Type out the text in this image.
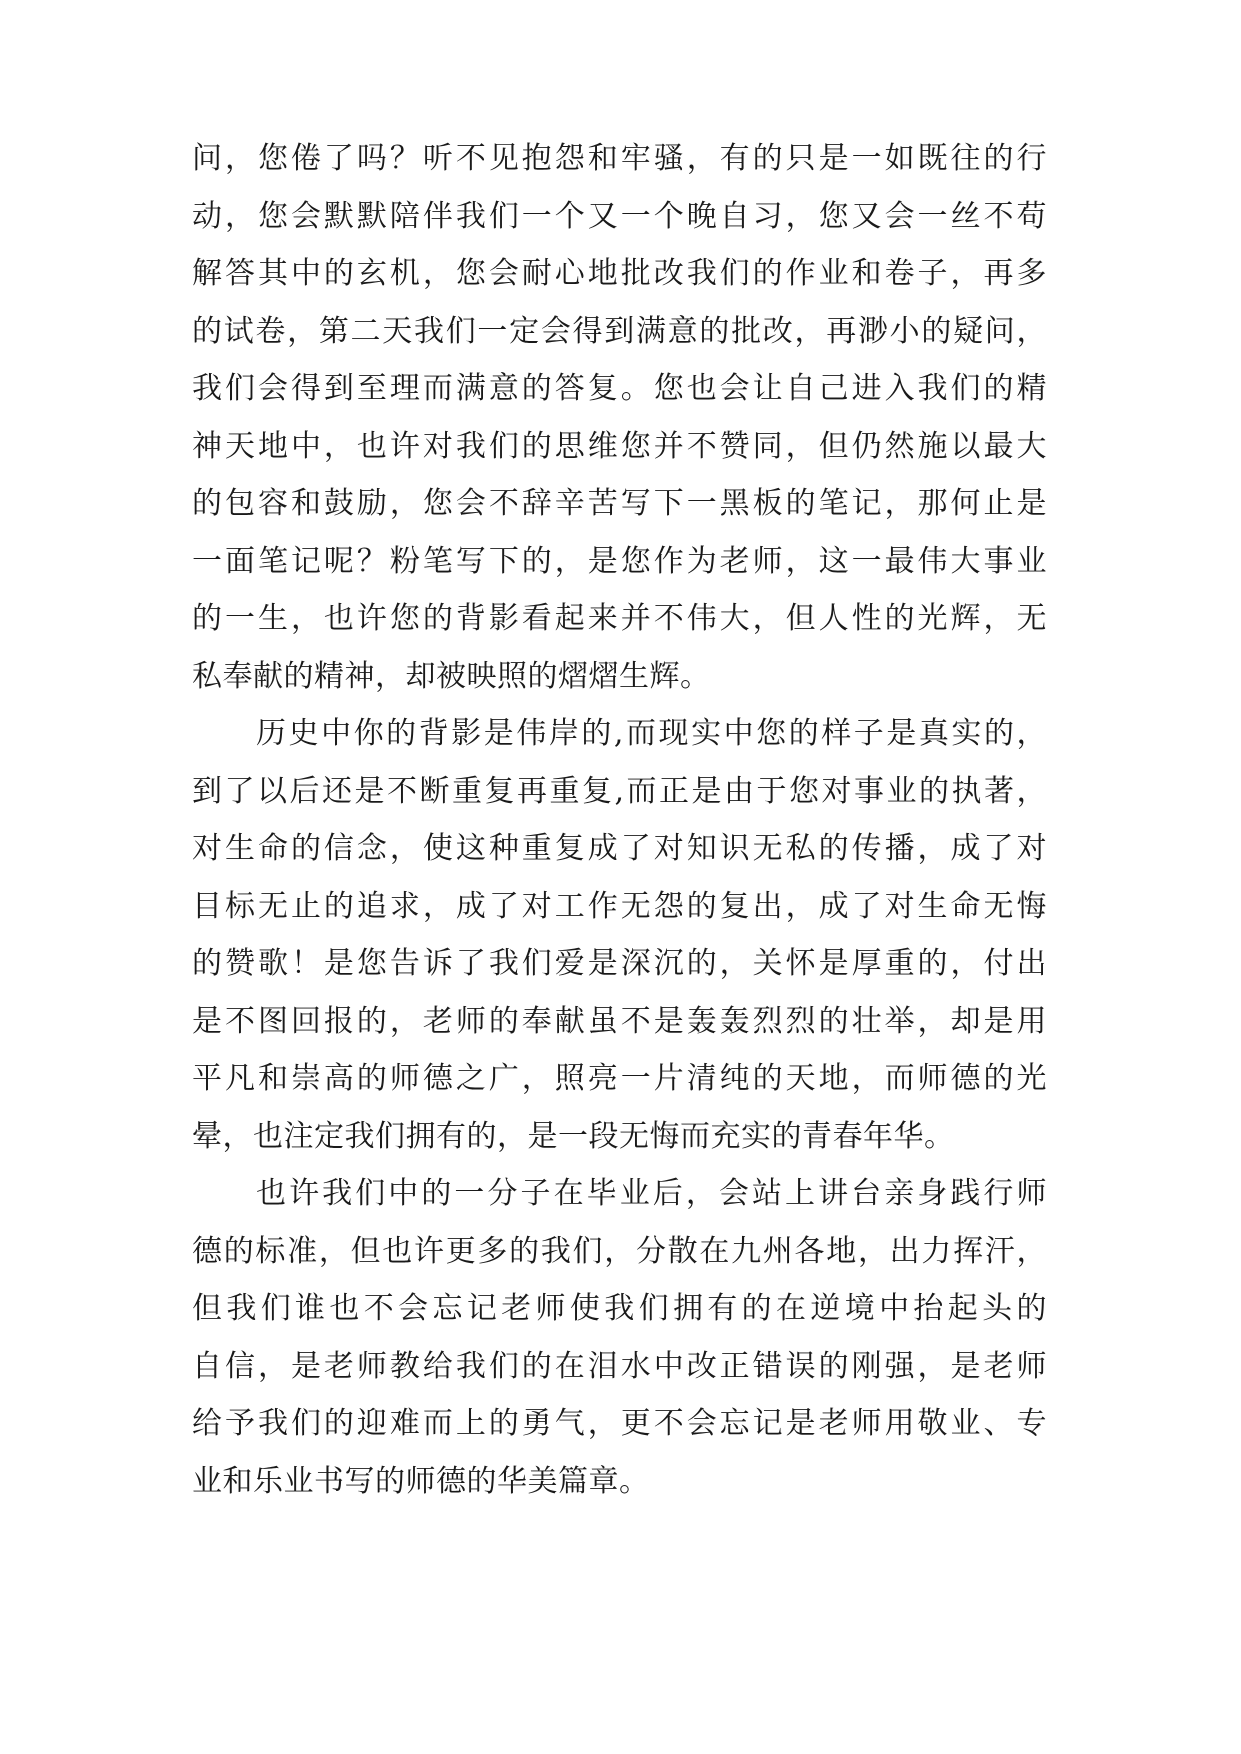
问，您倦了吗？听不见抱怨和牢骚，有的只是一如既往的行
动，您会默默陪伴我们一个又一个晚自习，您又会一丝不苟
解答其中的玄机，您会耐心地批改我们的作业和卷子，再多
的试卷，第二天我们一定会得到满意的批改，再渺小的疑问，
我们会得到至理而满意的答复。您也会让自己进入我们的精
神天地中，也许对我们的思维您并不赞同，但仍然施以最大
的包容和鼓励，您会不辞辛苦写下一黑板的笔记，那何止是
一面笔记呢？粉笔写下的，是您作为老师，这一最伟大事业
的一生，也许您的背影看起来并不伟大，但人性的光辉，无
私奉献的精神，却被映照的熠熠生辉。
历史中你的背影是伟岸的,而现实中您的样子是真实的，
到了以后还是不断重复再重复,而正是由于您对事业的执著，
对生命的信念，使这种重复成了对知识无私的传播，成了对
目标无止的追求，成了对工作无怨的复出，成了对生命无悔
的赞歌！是您告诉了我们爱是深沉的，关怀是厚重的，付出
是不图回报的，老师的奉献虽不是轰轰烈烈的壮举，却是用
平凡和崇高的师德之广，照亮一片清纯的天地，而师德的光
晕，也注定我们拥有的，是一段无悔而充实的青春年华。
也许我们中的一分子在毕业后，会站上讲台亲身践行师
德的标准，但也许更多的我们，分散在九州各地，出力挥汗，
但我们谁也不会忘记老师使我们拥有的在逆境中抬起头的
自信，是老师教给我们的在泪水中改正错误的刚强，是老师
给予我们的迎难而上的勇气，更不会忘记是老师用敬业、专
业和乐业书写的师德的华美篇章。
